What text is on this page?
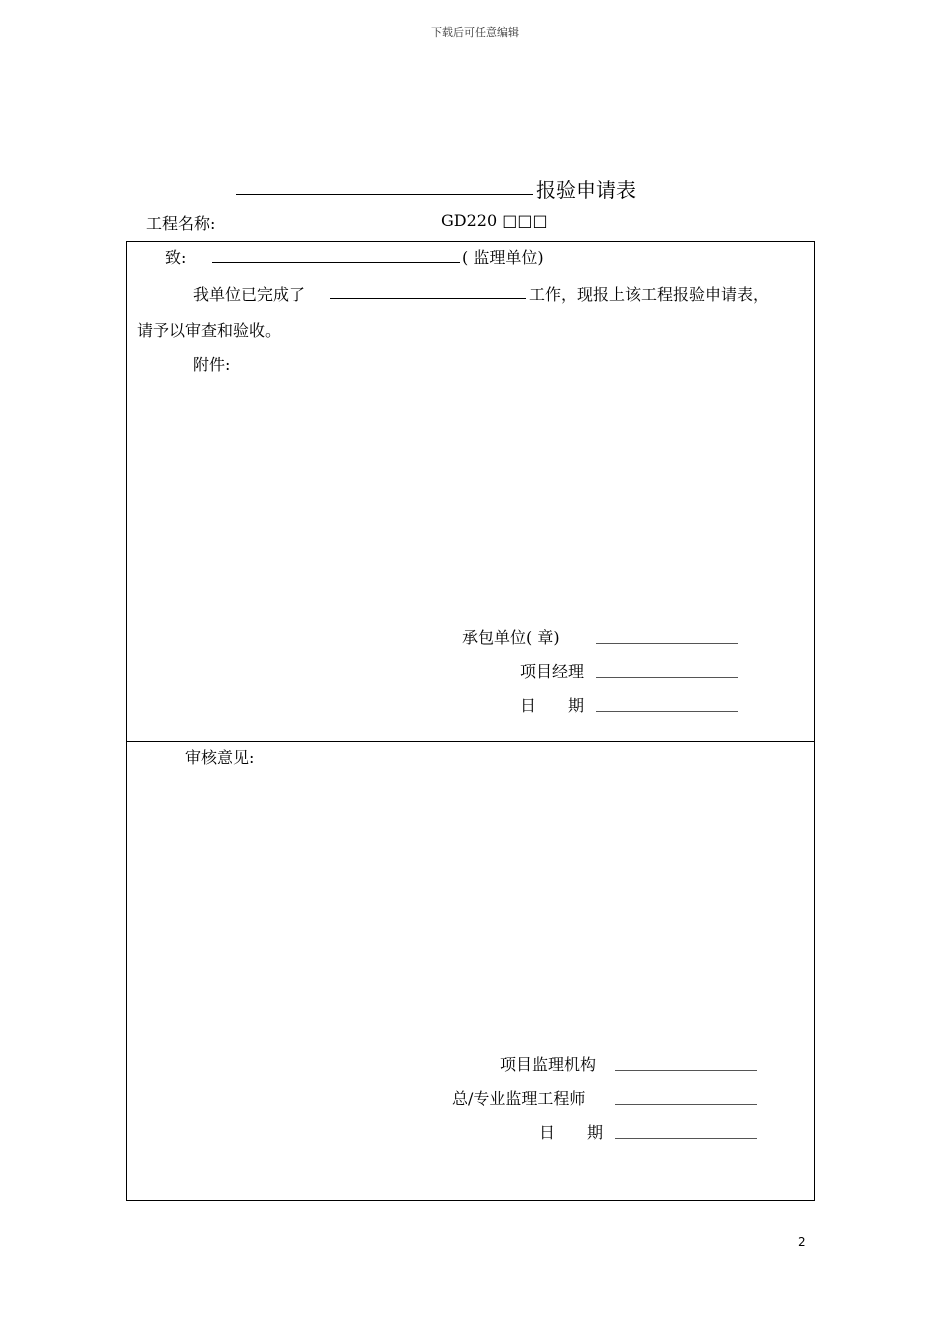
下载后可任意编辑
报验申请表
工程名称:	GD220 □□□
致:	( 监理单位)
我单位已完成了	工作，现报上该工程报验申请表，
请予以审查和验收。
附件:
承包单位( 章)
项目经理
日　　期
审核意见:
项目监理机构
总/专业监理工程师
日　　期
2
